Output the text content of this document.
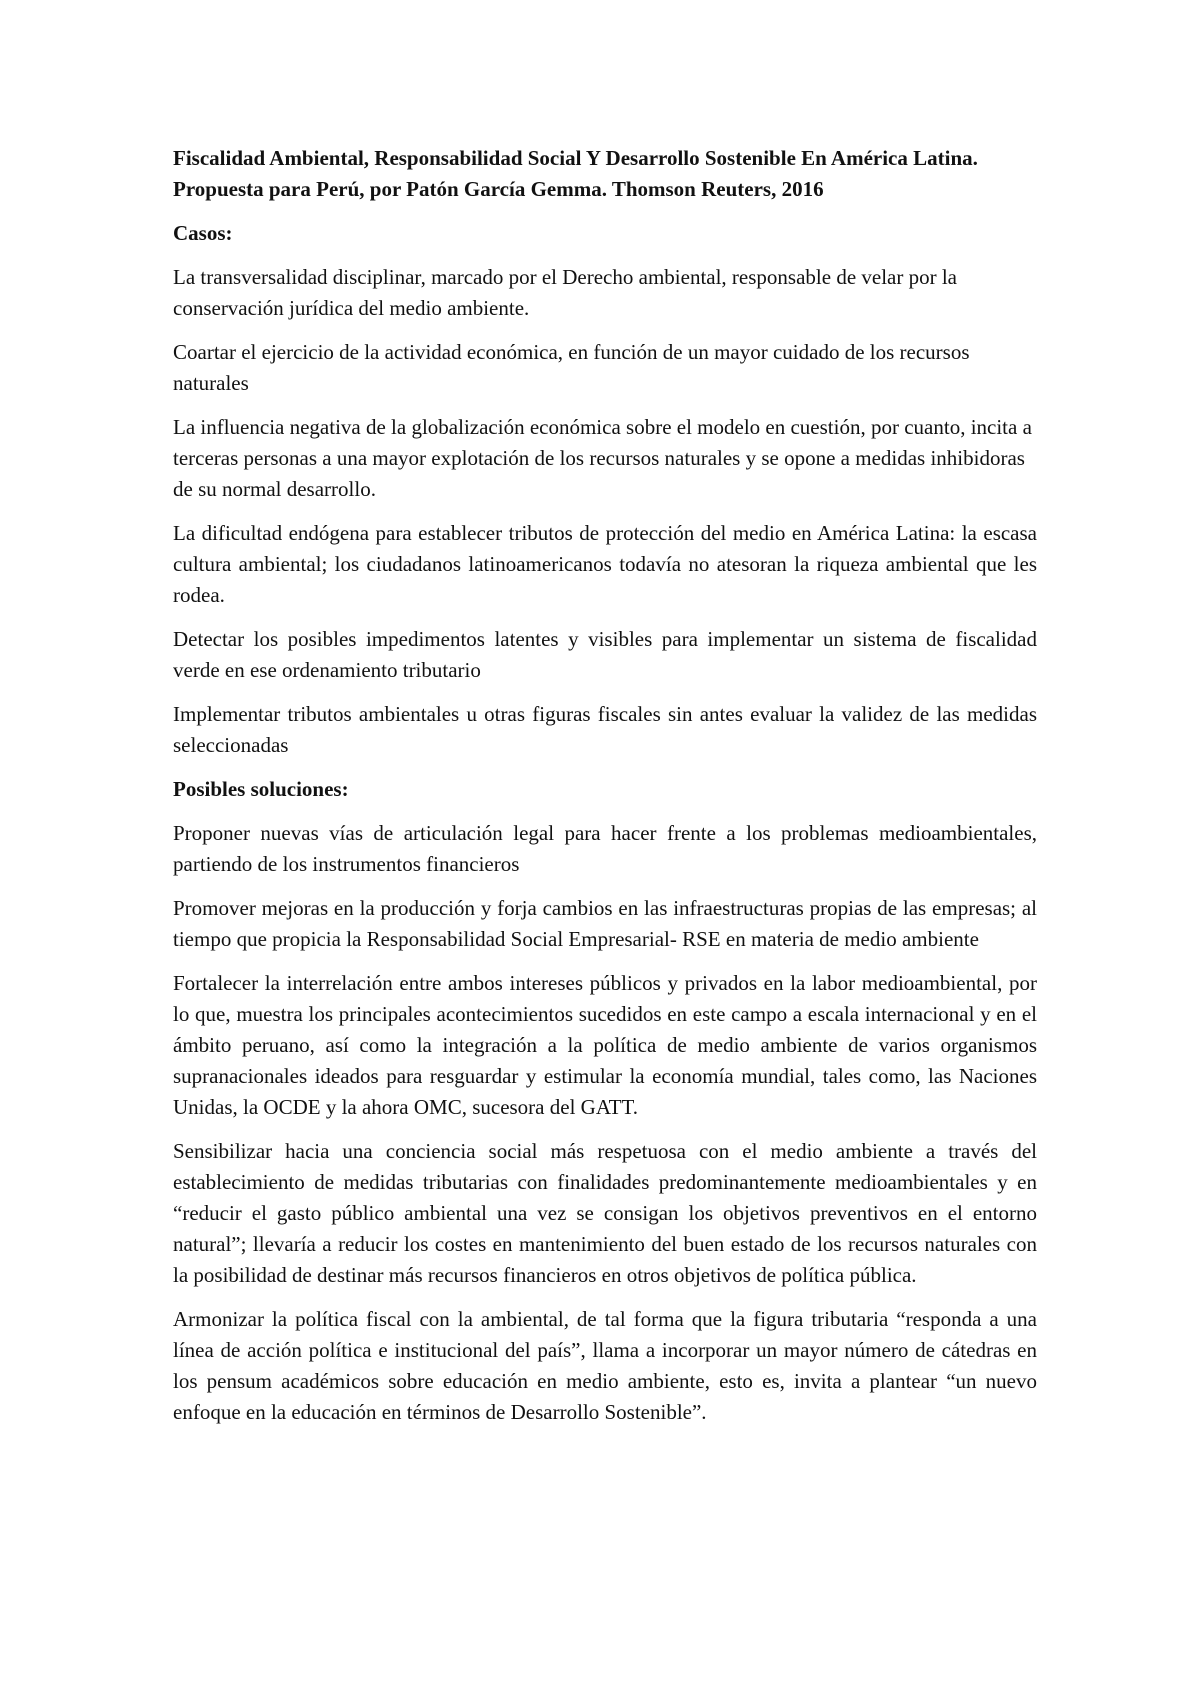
Fiscalidad Ambiental, Responsabilidad Social Y Desarrollo Sostenible En América Latina. Propuesta para Perú, por Patón García Gemma. Thomson Reuters, 2016

Casos:

La transversalidad disciplinar, marcado por el Derecho ambiental, responsable de velar por la conservación jurídica del medio ambiente.

Coartar el ejercicio de la actividad económica, en función de un mayor cuidado de los recursos naturales

La influencia negativa de la globalización económica sobre el modelo en cuestión, por cuanto, incita a terceras personas a una mayor explotación de los recursos naturales y se opone a medidas inhibidoras de su normal desarrollo.

La dificultad endógena para establecer tributos de protección del medio en América Latina: la escasa cultura ambiental; los ciudadanos latinoamericanos todavía no atesoran la riqueza ambiental que les rodea.

Detectar los posibles impedimentos latentes y visibles para implementar un sistema de fiscalidad verde en ese ordenamiento tributario

Implementar tributos ambientales u otras figuras fiscales sin antes evaluar la validez de las medidas seleccionadas

Posibles soluciones:

Proponer nuevas vías de articulación legal para hacer frente a los problemas medioambientales, partiendo de los instrumentos financieros

Promover mejoras en la producción y forja cambios en las infraestructuras propias de las empresas; al tiempo que propicia la Responsabilidad Social Empresarial- RSE en materia de medio ambiente

Fortalecer la interrelación entre ambos intereses públicos y privados en la labor medioambiental, por lo que, muestra los principales acontecimientos sucedidos en este campo a escala internacional y en el ámbito peruano, así como la integración a la política de medio ambiente de varios organismos supranacionales ideados para resguardar y estimular la economía mundial, tales como, las Naciones Unidas, la OCDE y la ahora OMC, sucesora del GATT.

Sensibilizar hacia una conciencia social más respetuosa con el medio ambiente a través del establecimiento de medidas tributarias con finalidades predominantemente medioambientales y en “reducir el gasto público ambiental una vez se consigan los objetivos preventivos en el entorno natural”; llevaría a reducir los costes en mantenimiento del buen estado de los recursos naturales con la posibilidad de destinar más recursos financieros en otros objetivos de política pública.

Armonizar la política fiscal con la ambiental, de tal forma que la figura tributaria “responda a una línea de acción política e institucional del país”, llama a incorporar un mayor número de cátedras en los pensum académicos sobre educación en medio ambiente, esto es, invita a plantear “un nuevo enfoque en la educación en términos de Desarrollo Sostenible”.
